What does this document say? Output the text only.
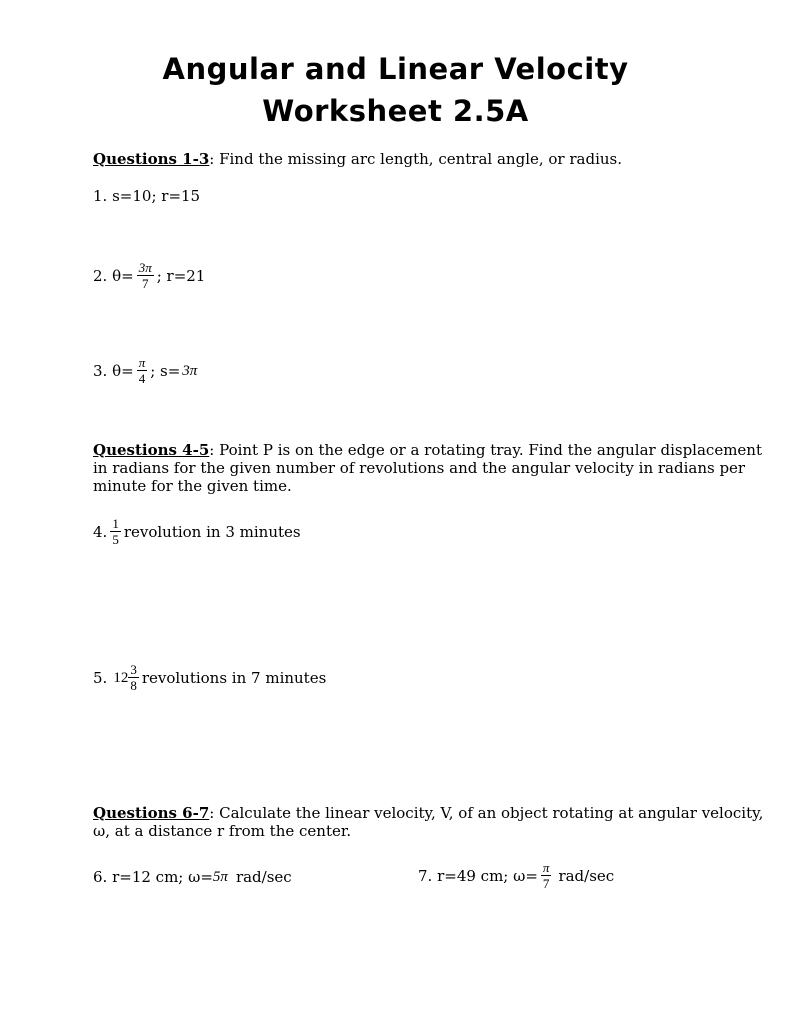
Angular and Linear Velocity
Worksheet 2.5A
Questions 1-3: Find the missing arc length, central angle, or radius.
1. s=10; r=15
2. $\theta= \frac{3\pi}{7}$ ; r=21
3. $\theta= \frac{\pi}{4}$ ; s= 3π
Questions 4-5: Point P is on the edge or a rotating tray. Find the angular displacement
in radians for the given number of revolutions and the angular velocity in radians per
minute for the given time.
4. $\frac{1}{5}$ revolution in 3 minutes
5. $12 \frac{3}{8}$ revolutions in 7 minutes
Questions 6-7: Calculate the linear velocity, V, of an object rotating at angular velocity,
ω, at a distance r from the center.
6. r=12 cm; ω= 5π rad/sec	7. r=49 cm; $\omega= \frac{\pi}{7} rad/\sec$
